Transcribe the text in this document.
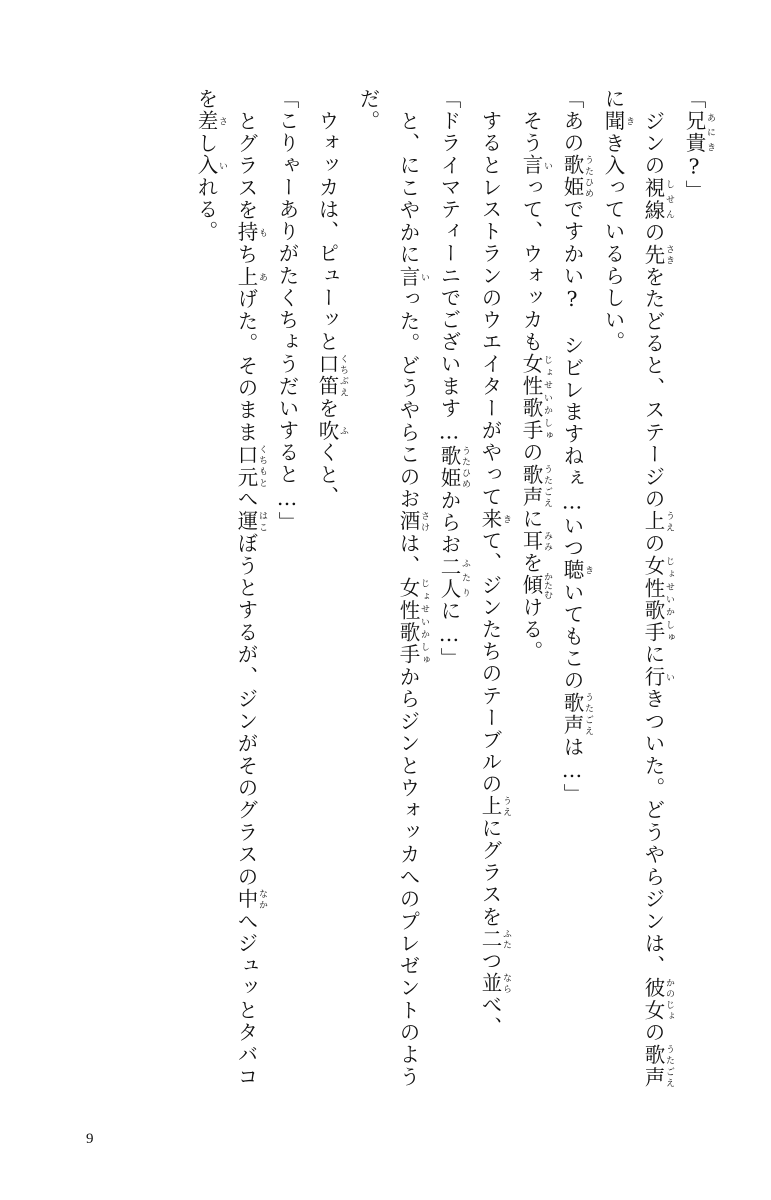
「兄貴 あにき?」

　ジンの視線 しせんの先 さきをたどると、ステージの上 うえの女性歌手 じょせいかしゅに行 いきついた。どうやらジンは、彼女 かのじょの歌声 うたごえに聞 きき入っているらしい。

「あの歌姫 うたひめですかい?　シビレますねぇ…いつ聴 きいてもこの歌声 うたごえは…」

　そう言 いって、ウォッカも女性歌手 じょせいかしゅの歌声 うたごえに耳 みみを傾 かたむける。

　するとレストランのウエイターがやって来 きて、ジンたちのテーブルの上 うえにグラスを二 ふたつ並 ならべ、

「ドライマティーニでございます…歌姫 うたひめからお二人 ふたりに…」

　と、にこやかに言 いった。どうやらこのお酒 さけは、女性歌手 じょせいかしゅからジンとウォッカへのプレゼントのようだ。

　ウォッカは、ピューッと口笛 くちぶえを吹 ふくと、

「こりゃーありがたくちょうだいすると…」

　とグラスを持 もち上 あげた。そのまま口元 くちもとへ運 はこぼうとするが、ジンがそのグラスの中 なかへジュッとタバコを差 さし入 いれる。

9
